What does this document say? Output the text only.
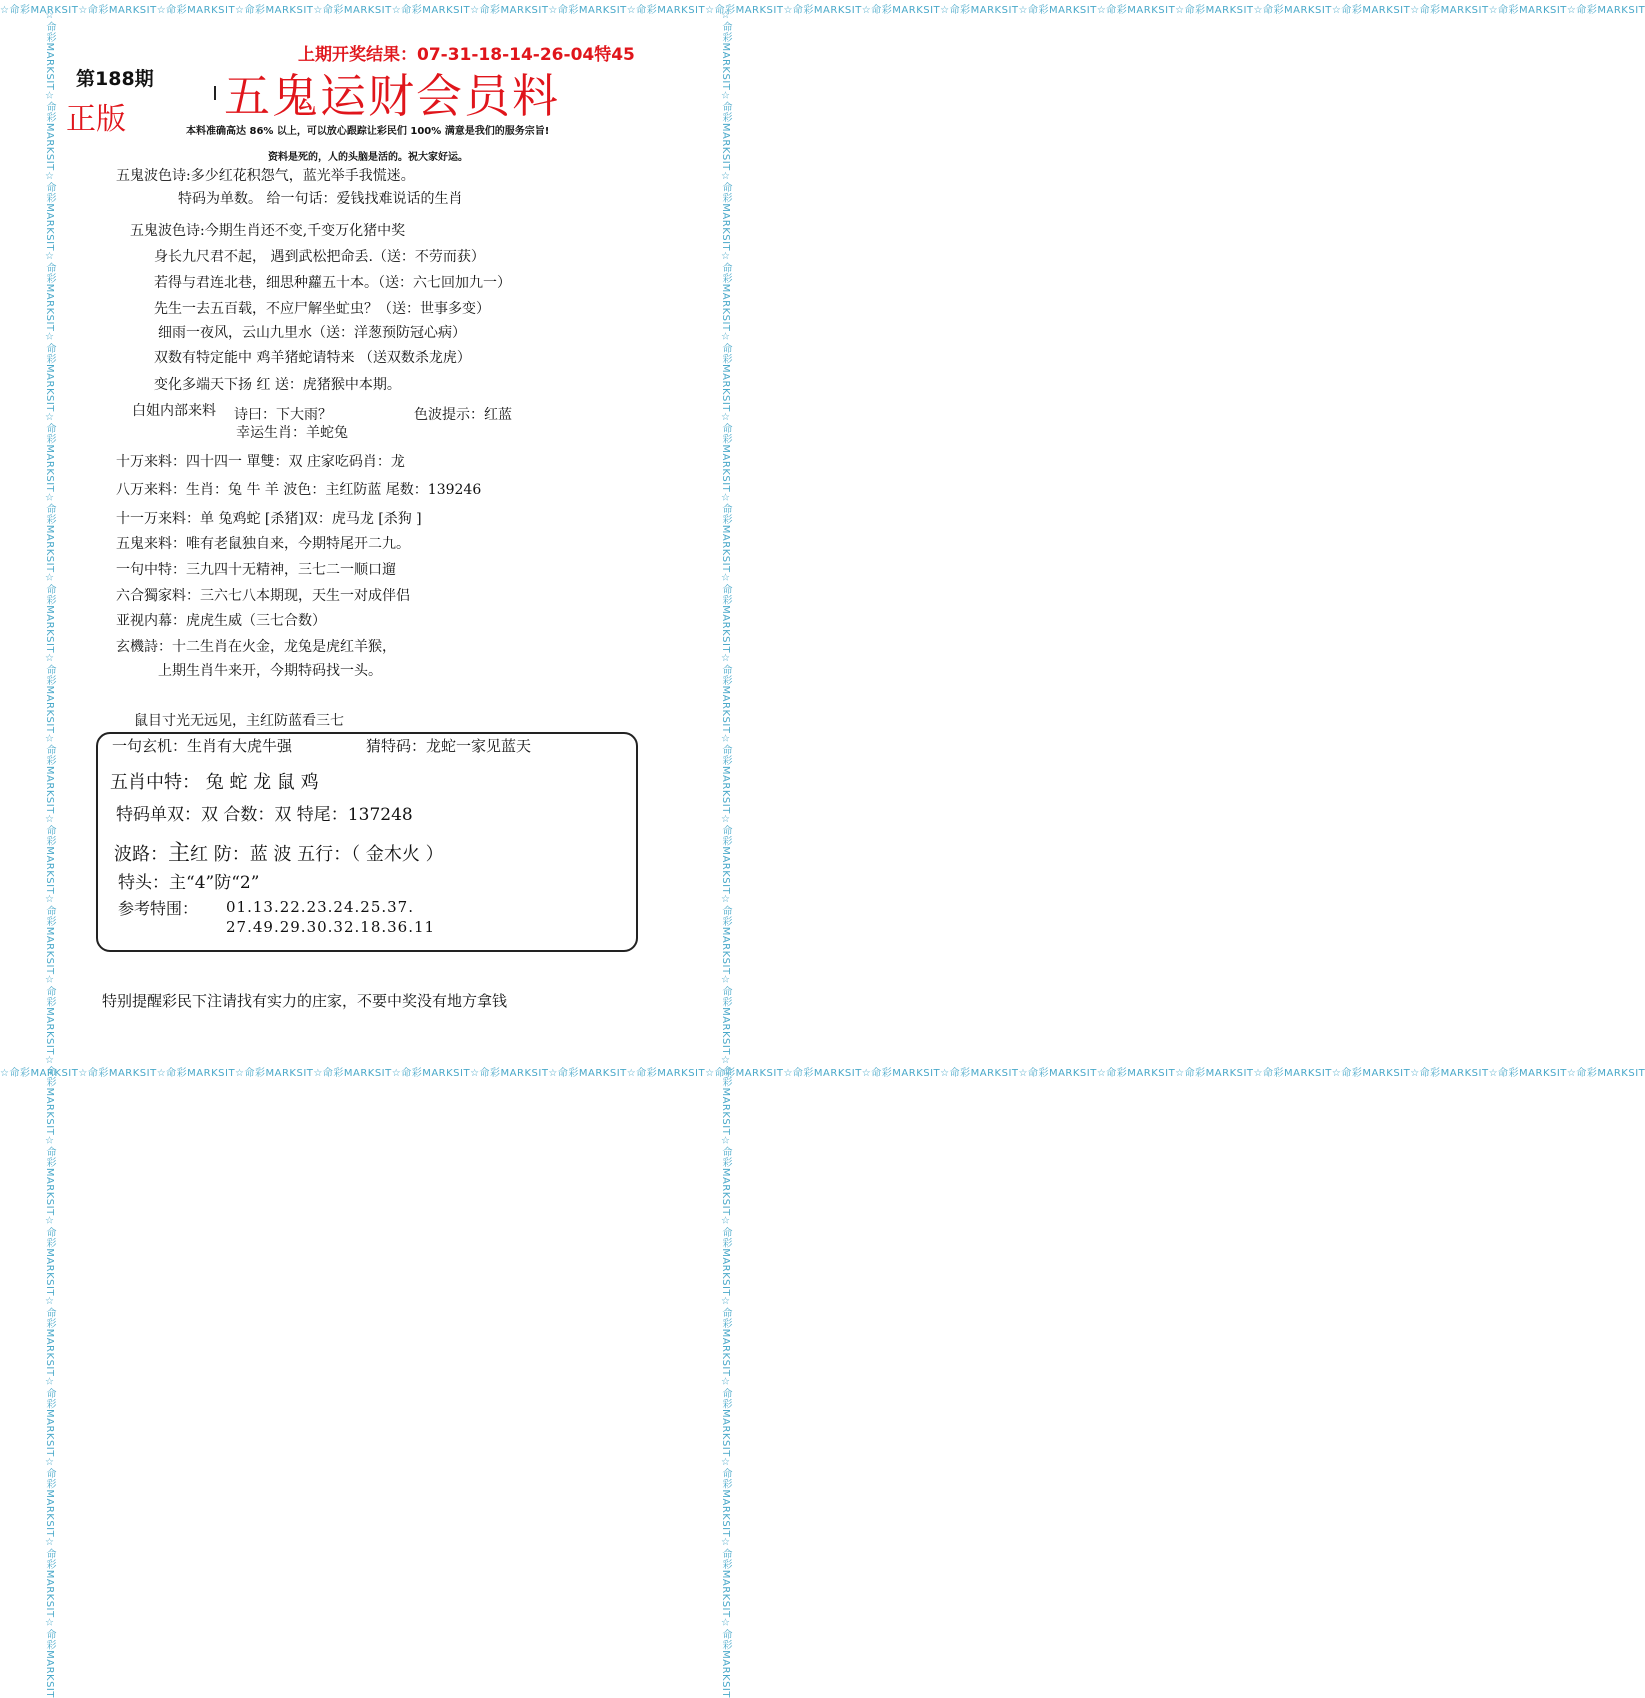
☆命彩MARKSIT☆命彩MARKSIT☆命彩MARKSIT☆命彩MARKSIT☆命彩MARKSIT☆命彩MARKSIT☆命彩MARKSIT☆命彩MARKSIT☆命彩MARKSIT☆命彩MARKSIT☆命彩MARKSIT☆命彩MARKSIT☆命彩MARKSIT☆命彩MARKSIT☆命彩MARKSIT☆命彩MARKSIT☆命彩MARKSIT☆命彩MARKSIT☆命彩MARKSIT☆命彩MARKSIT☆命彩MARKSIT
☆命彩MARKSIT☆命彩MARKSIT☆命彩MARKSIT☆命彩MARKSIT☆命彩MARKSIT☆命彩MARKSIT☆命彩MARKSIT☆命彩MARKSIT☆命彩MARKSIT☆命彩MARKSIT☆命彩MARKSIT☆命彩MARKSIT☆命彩MARKSIT☆命彩MARKSIT☆命彩MARKSIT☆命彩MARKSIT☆命彩MARKSIT☆命彩MARKSIT☆命彩MARKSIT☆命彩MARKSIT☆命彩MARKSIT
☆命彩MARKSIT☆命彩MARKSIT☆命彩MARKSIT☆命彩MARKSIT☆命彩MARKSIT☆命彩MARKSIT☆命彩MARKSIT☆命彩MARKSIT☆命彩MARKSIT☆命彩MARKSIT☆命彩MARKSIT☆命彩MARKSIT☆命彩MARKSIT☆命彩MARKSIT☆命彩MARKSIT☆命彩MARKSIT☆命彩MARKSIT☆命彩MARKSIT☆命彩MARKSIT☆命彩MARKSIT☆命彩MARKSIT
☆命彩MARKSIT☆命彩MARKSIT☆命彩MARKSIT☆命彩MARKSIT☆命彩MARKSIT☆命彩MARKSIT☆命彩MARKSIT☆命彩MARKSIT☆命彩MARKSIT☆命彩MARKSIT☆命彩MARKSIT☆命彩MARKSIT☆命彩MARKSIT☆命彩MARKSIT☆命彩MARKSIT☆命彩MARKSIT☆命彩MARKSIT☆命彩MARKSIT☆命彩MARKSIT☆命彩MARKSIT☆命彩MARKSIT
上期开奖结果：07-31-18-14-26-04特45
第188期
正版 五鬼运财会员料
本料准确高达 86% 以上，可以放心跟踪让彩民们 100% 满意是我们的服务宗旨!
资料是死的，人的头脑是活的。祝大家好运。
五鬼波色诗:多少红花积怨气，蓝光举手我慌迷。
特码为单数。 给一句话：爱钱找难说话的生肖
五鬼波色诗:今期生肖还不变,千变万化猪中奖
身长九尺君不起， 遇到武松把命丢.（送：不劳而获）
若得与君连北巷，细思种蘿五十本。（送：六七回加九一）
先生一去五百载，不应尸解坐虻虫？（送：世事多变）
细雨一夜风，云山九里水（送：洋葱预防冠心病）
双数有特定能中 鸡羊猪蛇请特来 （送双数杀龙虎）
变化多端天下扬 红 送：虎猪猴中本期。
白姐内部来料 诗曰：下大雨？	色波提示：红蓝
幸运生肖：羊蛇兔
十万来料：四十四一 單雙：双 庄家吃码肖：龙
八万来料：生肖：兔 牛 羊 波色：主红防蓝 尾数：139246
十一万来料：单 兔鸡蛇 [杀猪]双：虎马龙 [杀狗 ]
五鬼来料：唯有老鼠独自来，今期特尾开二九。
一句中特：三九四十无精神，三七二一顺口遛
六合獨家料：三六七八本期现，天生一对成伴侣
亚视内幕：虎虎生威（三七合数）
玄機詩：十二生肖在火金，龙兔是虎红羊猴，
上期生肖牛来开，今期特码找一头。
鼠目寸光无远见，主红防蓝看三七
一句玄机：生肖有大虎牛强	猜特码：龙蛇一家见蓝天
五肖中特： 兔 蛇 龙 鼠 鸡
特码单双：双 合数：双 特尾：137248
波路：主红 防：蓝 波 五行：（ 金木火 ）
特头：主“4”防“2”
参考特围： 01.13.22.23.24.25.37.
27.49.29.30.32.18.36.11
特别提醒彩民下注请找有实力的庄家，不要中奖没有地方拿钱
